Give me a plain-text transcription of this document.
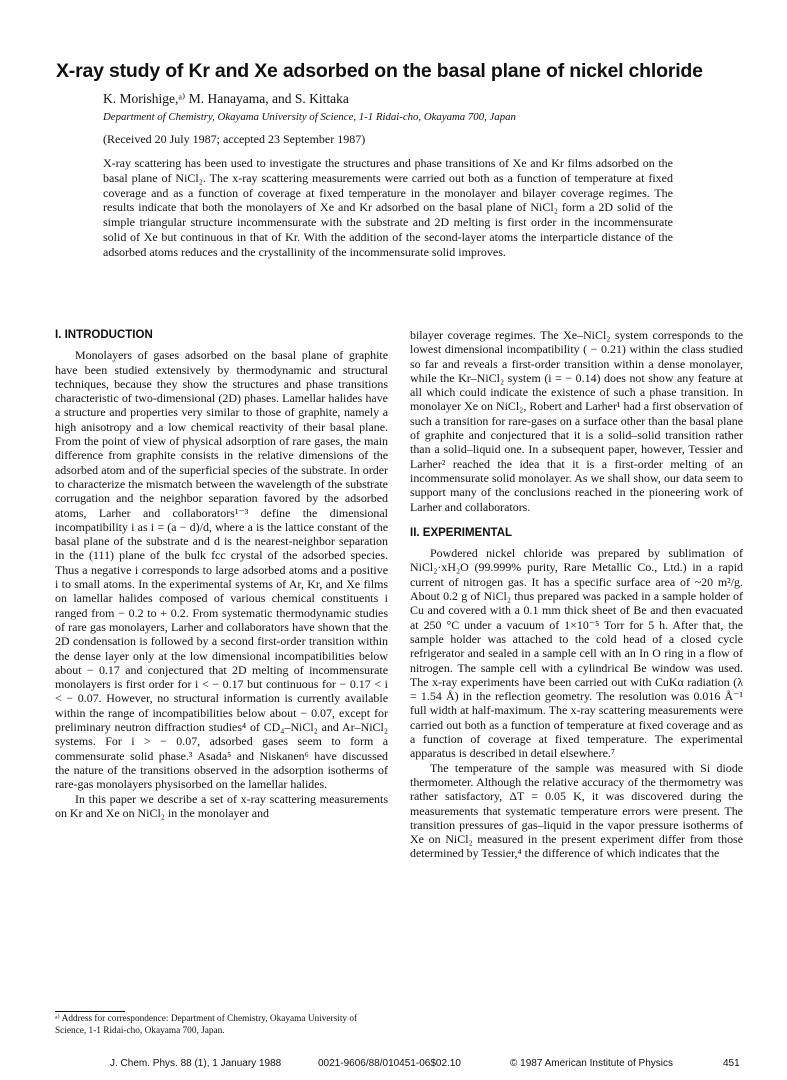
X-ray study of Kr and Xe adsorbed on the basal plane of nickel chloride
K. Morishige,ᵃ⁾ M. Hanayama, and S. Kittaka
Department of Chemistry, Okayama University of Science, 1-1 Ridai-cho, Okayama 700, Japan
(Received 20 July 1987; accepted 23 September 1987)
X-ray scattering has been used to investigate the structures and phase transitions of Xe and Kr films adsorbed on the basal plane of NiCl₂. The x-ray scattering measurements were carried out both as a function of temperature at fixed coverage and as a function of coverage at fixed temperature in the monolayer and bilayer coverage regimes. The results indicate that both the monolayers of Xe and Kr adsorbed on the basal plane of NiCl₂ form a 2D solid of the simple triangular structure incommensurate with the substrate and 2D melting is first order in the incommensurate solid of Xe but continuous in that of Kr. With the addition of the second-layer atoms the interparticle distance of the adsorbed atoms reduces and the crystallinity of the incommensurate solid improves.
I. INTRODUCTION

Monolayers of gases adsorbed on the basal plane of graphite have been studied extensively by thermodynamic and structural techniques, because they show the structures and phase transitions characteristic of two-dimensional (2D) phases. Lamellar halides have a structure and properties very similar to those of graphite, namely a high anisotropy and a low chemical reactivity of their basal plane. From the point of view of physical adsorption of rare gases, the main difference from graphite consists in the relative dimensions of the adsorbed atom and of the superficial species of the substrate. In order to characterize the mismatch between the wavelength of the substrate corrugation and the neighbor separation favored by the adsorbed atoms, Larher and collaborators¹⁻³ define the dimensional incompatibility i as i = (a − d)/d, where a is the lattice constant of the basal plane of the substrate and d is the nearest-neighbor separation in the (111) plane of the bulk fcc crystal of the adsorbed species. Thus a negative i corresponds to large adsorbed atoms and a positive i to small atoms. In the experimental systems of Ar, Kr, and Xe films on lamellar halides composed of various chemical constituents i ranged from − 0.2 to + 0.2. From systematic thermodynamic studies of rare gas monolayers, Larher and collaborators have shown that the 2D condensation is followed by a second first-order transition within the dense layer only at the low dimensional incompatibilities below about − 0.17 and conjectured that 2D melting of incommensurate monolayers is first order for i < − 0.17 but continuous for − 0.17 < i < − 0.07. However, no structural information is currently available within the range of incompatibilities below about − 0.07, except for preliminary neutron diffraction studies⁴ of CD₄–NiCl₂ and Ar–NiCl₂ systems. For i > − 0.07, adsorbed gases seem to form a commensurate solid phase.³ Asada⁵ and Niskanen⁶ have discussed the nature of the transitions observed in the adsorption isotherms of rare-gas monolayers physisorbed on the lamellar halides.

In this paper we describe a set of x-ray scattering measurements on Kr and Xe on NiCl₂ in the monolayer and

bilayer coverage regimes. The Xe–NiCl₂ system corresponds to the lowest dimensional incompatibility ( − 0.21) within the class studied so far and reveals a first-order transition within a dense monolayer, while the Kr–NiCl₂ system (i = − 0.14) does not show any feature at all which could indicate the existence of such a phase transition. In monolayer Xe on NiCl₂, Robert and Larher¹ had a first observation of such a transition for rare-gases on a surface other than the basal plane of graphite and conjectured that it is a solid–solid transition rather than a solid–liquid one. In a subsequent paper, however, Tessier and Larher² reached the idea that it is a first-order melting of an incommensurate solid monolayer. As we shall show, our data seem to support many of the conclusions reached in the pioneering work of Larher and collaborators.

II. EXPERIMENTAL

Powdered nickel chloride was prepared by sublimation of NiCl₂·xH₂O (99.999% purity, Rare Metallic Co., Ltd.) in a rapid current of nitrogen gas. It has a specific surface area of ~20 m²/g. About 0.2 g of NiCl₂ thus prepared was packed in a sample holder of Cu and covered with a 0.1 mm thick sheet of Be and then evacuated at 250 °C under a vacuum of 1×10⁻⁵ Torr for 5 h. After that, the sample holder was attached to the cold head of a closed cycle refrigerator and sealed in a sample cell with an In O ring in a flow of nitrogen. The sample cell with a cylindrical Be window was used. The x-ray experiments have been carried out with CuKα radiation (λ = 1.54 Å) in the reflection geometry. The resolution was 0.016 Å⁻¹ full width at half-maximum. The x-ray scattering measurements were carried out both as a function of temperature at fixed coverage and as a function of coverage at fixed temperature. The experimental apparatus is described in detail elsewhere.⁷

The temperature of the sample was measured with Si diode thermometer. Although the relative accuracy of the thermometry was rather satisfactory, ΔT = 0.05 K, it was discovered during the measurements that systematic temperature errors were present. The transition pressures of gas–liquid in the vapor pressure isotherms of Xe on NiCl₂ measured in the present experiment differ from those determined by Tessier,⁴ the difference of which indicates that the

ᵃ⁾ Address for correspondence: Department of Chemistry, Okayama University of Science, 1-1 Ridai-cho, Okayama 700, Japan.
J. Chem. Phys. 88 (1), 1 January 1988	0021-9606/88/010451-06$02.10	© 1987 American Institute of Physics	451
